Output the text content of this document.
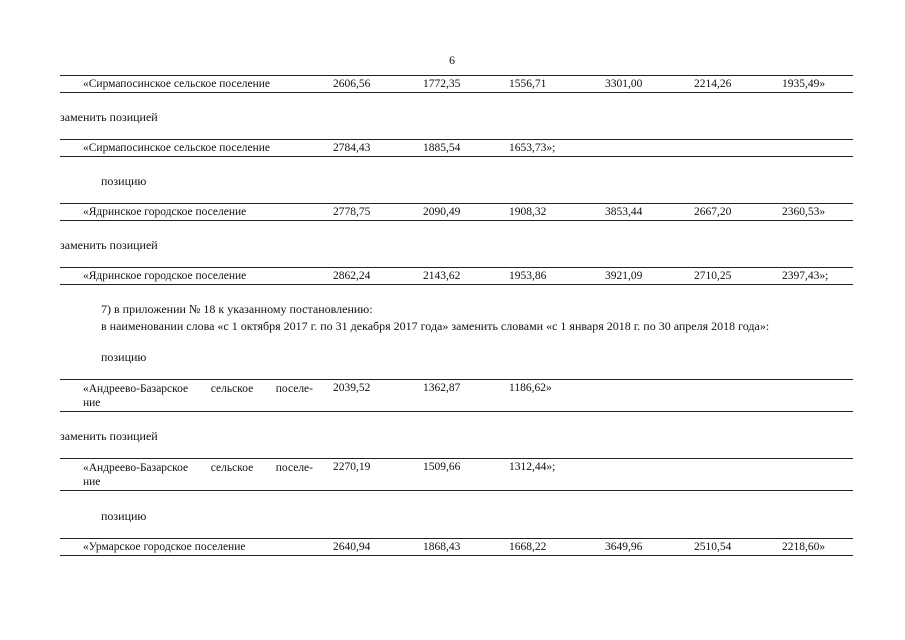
6
«Сирмапосинское сельское поселение	2606,56	1772,35	1556,71	3301,00	2214,26	1935,49»
заменить позицией
«Сирмапосинское сельское поселение	2784,43	1885,54	1653,73»;
позицию
«Ядринское городское поселение	2778,75	2090,49	1908,32	3853,44	2667,20	2360,53»
заменить позицией
«Ядринское городское поселение	2862,24	2143,62	1953,86	3921,09	2710,25	2397,43»;
7) в приложении № 18 к указанному постановлению:
в наименовании слова «с 1 октября 2017 г. по 31 декабря 2017 года» заменить словами «с 1 января 2018 г. по 30 апреля 2018 года»:
позицию
«Андреево-Базарское сельское поселе-
ние
2039,52	1362,87	1186,62»
заменить позицией
«Андреево-Базарское сельское поселе-
ние
2270,19	1509,66	1312,44»;
позицию
«Урмарское городское поселение	2640,94	1868,43	1668,22	3649,96	2510,54	2218,60»
